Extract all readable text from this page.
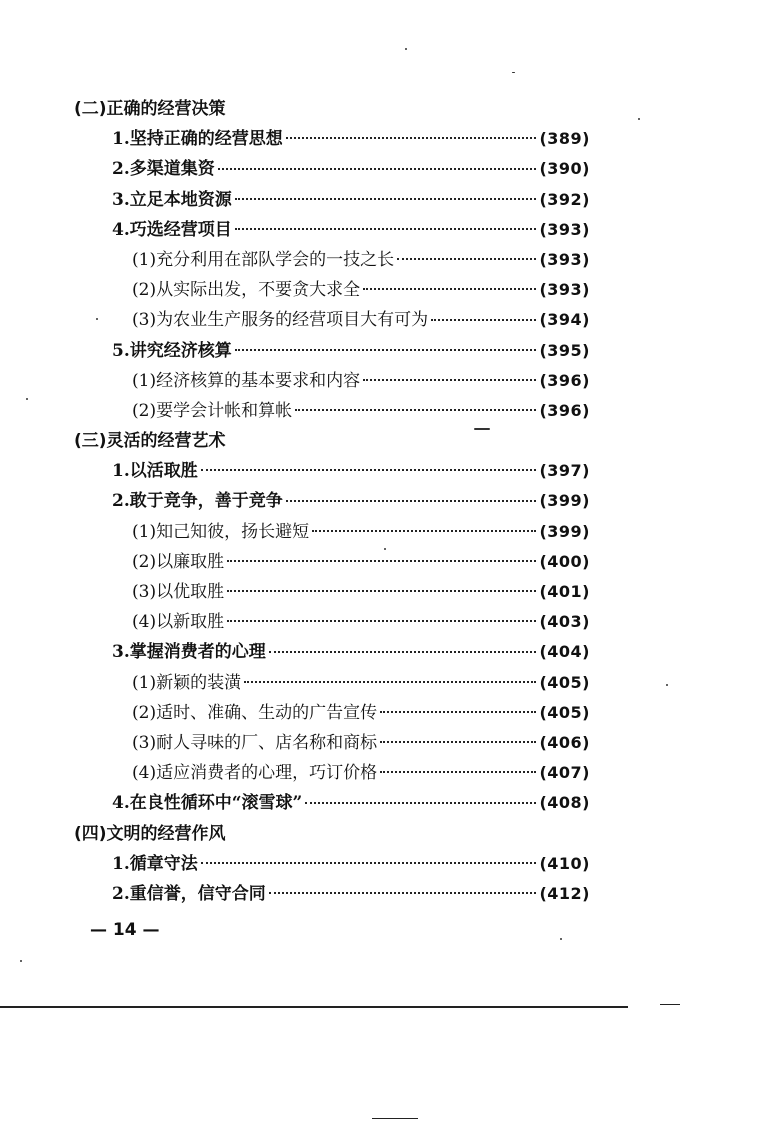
(二)正确的经营决策
1.坚持正确的经营思想	(389)
2.多渠道集资	(390)
3.立足本地资源	(392)
4.巧选经营项目	(393)
(1)充分利用在部队学会的一技之长	(393)
(2)从实际出发，不要贪大求全	(393)
(3)为农业生产服务的经营项目大有可为	(394)
5.讲究经济核算	(395)
(1)经济核算的基本要求和内容	(396)
(2)要学会计帐和算帐	(396)
(三)灵活的经营艺术
1.以活取胜	(397)
2.敢于竞争，善于竞争	(399)
(1)知己知彼，扬长避短	(399)
(2)以廉取胜	(400)
(3)以优取胜	(401)
(4)以新取胜	(403)
3.掌握消费者的心理	(404)
(1)新颖的装潢	(405)
(2)适时、准确、生动的广告宣传	(405)
(3)耐人寻味的厂、店名称和商标	(406)
(4)适应消费者的心理，巧订价格	(407)
4.在良性循环中“滚雪球”	(408)
(四)文明的经营作风
1.循章守法	(410)
2.重信誉，信守合同	(412)
— 14 —
